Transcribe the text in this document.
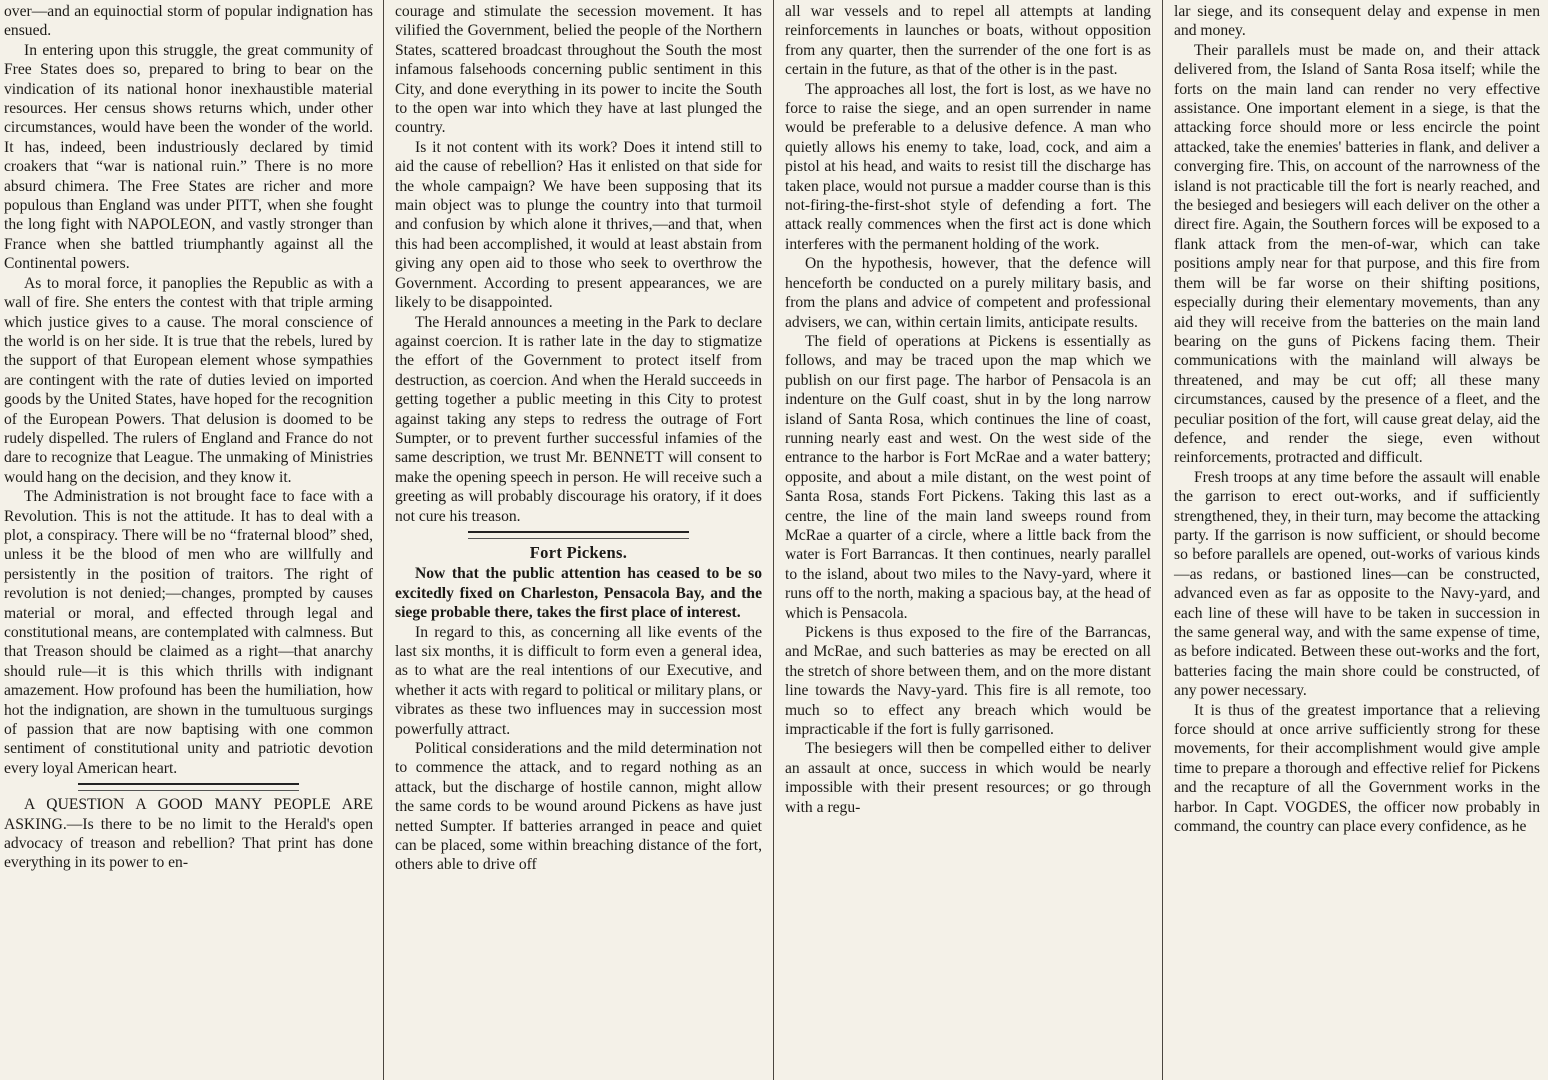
over—and an equinoctial storm of popular indignation has ensued.

In entering upon this struggle, the great community of Free States does so, prepared to bring to bear on the vindication of its national honor inexhaustible material resources. Her census shows returns which, under other circumstances, would have been the wonder of the world. It has, indeed, been industriously declared by timid croakers that “war is national ruin.” There is no more absurd chimera. The Free States are richer and more populous than England was under PITT, when she fought the long fight with NAPOLEON, and vastly stronger than France when she battled triumphantly against all the Continental powers.

As to moral force, it panoplies the Republic as with a wall of fire. She enters the contest with that triple arming which justice gives to a cause. The moral conscience of the world is on her side. It is true that the rebels, lured by the support of that European element whose sympathies are contingent with the rate of duties levied on imported goods by the United States, have hoped for the recognition of the European Powers. That delusion is doomed to be rudely dispelled. The rulers of England and France do not dare to recognize that League. The unmaking of Ministries would hang on the decision, and they know it.

The Administration is not brought face to face with a Revolution. This is not the attitude. It has to deal with a plot, a conspiracy. There will be no “fraternal blood” shed, unless it be the blood of men who are willfully and persistently in the position of traitors. The right of revolution is not denied;—changes, prompted by causes material or moral, and effected through legal and constitutional means, are contemplated with calmness. But that Treason should be claimed as a right—that anarchy should rule—it is this which thrills with indignant amazement. How profound has been the humiliation, how hot the indignation, are shown in the tumultuous surgings of passion that are now baptising with one common sentiment of constitutional unity and patriotic devotion every loyal American heart.

A QUESTION A GOOD MANY PEOPLE ARE ASKING.—Is there to be no limit to the Herald's open advocacy of treason and rebellion? That print has done everything in its power to en-

courage and stimulate the secession movement. It has vilified the Government, belied the people of the Northern States, scattered broadcast throughout the South the most infamous falsehoods concerning public sentiment in this City, and done everything in its power to incite the South to the open war into which they have at last plunged the country.

Is it not content with its work? Does it intend still to aid the cause of rebellion? Has it enlisted on that side for the whole campaign? We have been supposing that its main object was to plunge the country into that turmoil and confusion by which alone it thrives,—and that, when this had been accomplished, it would at least abstain from giving any open aid to those who seek to overthrow the Government. According to present appearances, we are likely to be disappointed.

The Herald announces a meeting in the Park to declare against coercion. It is rather late in the day to stigmatize the effort of the Government to protect itself from destruction, as coercion. And when the Herald succeeds in getting together a public meeting in this City to protest against taking any steps to redress the outrage of Fort Sumpter, or to prevent further successful infamies of the same description, we trust Mr. BENNETT will consent to make the opening speech in person. He will receive such a greeting as will probably discourage his oratory, if it does not cure his treason.

Fort Pickens.

Now that the public attention has ceased to be so excitedly fixed on Charleston, Pensacola Bay, and the siege probable there, takes the first place of interest.

In regard to this, as concerning all like events of the last six months, it is difficult to form even a general idea, as to what are the real intentions of our Executive, and whether it acts with regard to political or military plans, or vibrates as these two influences may in succession most powerfully attract.

Political considerations and the mild determination not to commence the attack, and to regard nothing as an attack, but the discharge of hostile cannon, might allow the same cords to be wound around Pickens as have just netted Sumpter. If batteries arranged in peace and quiet can be placed, some within breaching distance of the fort, others able to drive off

all war vessels and to repel all attempts at landing reinforcements in launches or boats, without opposition from any quarter, then the surrender of the one fort is as certain in the future, as that of the other is in the past.

The approaches all lost, the fort is lost, as we have no force to raise the siege, and an open surrender in name would be preferable to a delusive defence. A man who quietly allows his enemy to take, load, cock, and aim a pistol at his head, and waits to resist till the discharge has taken place, would not pursue a madder course than is this not-firing-the-first-shot style of defending a fort. The attack really commences when the first act is done which interferes with the permanent holding of the work.

On the hypothesis, however, that the defence will henceforth be conducted on a purely military basis, and from the plans and advice of competent and professional advisers, we can, within certain limits, anticipate results.

The field of operations at Pickens is essentially as follows, and may be traced upon the map which we publish on our first page. The harbor of Pensacola is an indenture on the Gulf coast, shut in by the long narrow island of Santa Rosa, which continues the line of coast, running nearly east and west. On the west side of the entrance to the harbor is Fort McRae and a water battery; opposite, and about a mile distant, on the west point of Santa Rosa, stands Fort Pickens. Taking this last as a centre, the line of the main land sweeps round from McRae a quarter of a circle, where a little back from the water is Fort Barrancas. It then continues, nearly parallel to the island, about two miles to the Navy-yard, where it runs off to the north, making a spacious bay, at the head of which is Pensacola.

Pickens is thus exposed to the fire of the Barrancas, and McRae, and such batteries as may be erected on all the stretch of shore between them, and on the more distant line towards the Navy-yard. This fire is all remote, too much so to effect any breach which would be impracticable if the fort is fully garrisoned.

The besiegers will then be compelled either to deliver an assault at once, success in which would be nearly impossible with their present resources; or go through with a regu-

lar siege, and its consequent delay and expense in men and money.

Their parallels must be made on, and their attack delivered from, the Island of Santa Rosa itself; while the forts on the main land can render no very effective assistance. One important element in a siege, is that the attacking force should more or less encircle the point attacked, take the enemies' batteries in flank, and deliver a converging fire. This, on account of the narrowness of the island is not practicable till the fort is nearly reached, and the besieged and besiegers will each deliver on the other a direct fire. Again, the Southern forces will be exposed to a flank attack from the men-of-war, which can take positions amply near for that purpose, and this fire from them will be far worse on their shifting positions, especially during their elementary movements, than any aid they will receive from the batteries on the main land bearing on the guns of Pickens facing them. Their communications with the mainland will always be threatened, and may be cut off; all these many circumstances, caused by the presence of a fleet, and the peculiar position of the fort, will cause great delay, aid the defence, and render the siege, even without reinforcements, protracted and difficult.

Fresh troops at any time before the assault will enable the garrison to erect out-works, and if sufficiently strengthened, they, in their turn, may become the attacking party. If the garrison is now sufficient, or should become so before parallels are opened, out-works of various kinds—as redans, or bastioned lines—can be constructed, advanced even as far as opposite to the Navy-yard, and each line of these will have to be taken in succession in the same general way, and with the same expense of time, as before indicated. Between these out-works and the fort, batteries facing the main shore could be constructed, of any power necessary.

It is thus of the greatest importance that a relieving force should at once arrive sufficiently strong for these movements, for their accomplishment would give ample time to prepare a thorough and effective relief for Pickens and the recapture of all the Government works in the harbor. In Capt. VOGDES, the officer now probably in command, the country can place every confidence, as he
